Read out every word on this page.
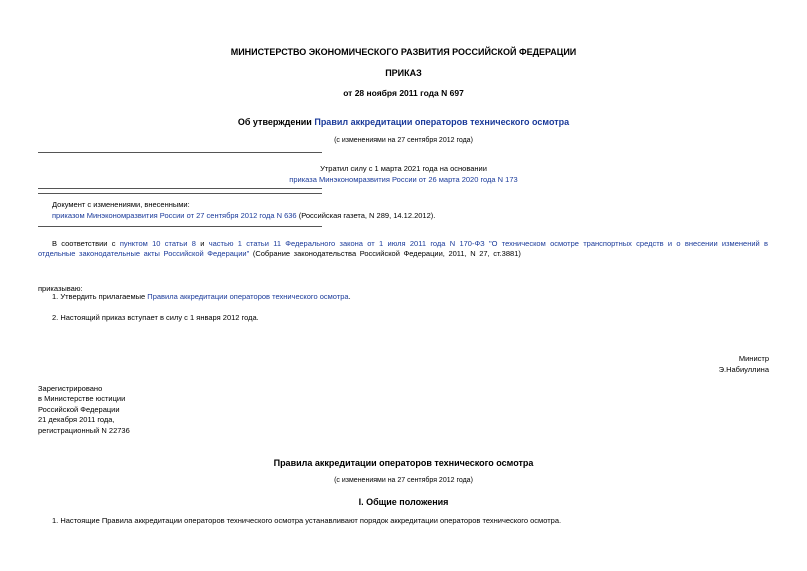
МИНИСТЕРСТВО ЭКОНОМИЧЕСКОГО РАЗВИТИЯ РОССИЙСКОЙ ФЕДЕРАЦИИ
ПРИКАЗ
от 28 ноября 2011 года N 697
Об утверждении Правил аккредитации операторов технического осмотра
(с изменениями на 27 сентября 2012 года)
Утратил силу с 1 марта 2021 года на основании
приказа Минэкономразвития России от 26 марта 2020 года N 173
Документ с изменениями, внесенными:
приказом Минэкономразвития России от 27 сентября 2012 года N 636 (Российская газета, N 289, 14.12.2012).
В соответствии с пунктом 10 статьи 8 и частью 1 статьи 11 Федерального закона от 1 июля 2011 года N 170-ФЗ "О техническом осмотре транспортных средств и о внесении изменений в отдельные законодательные акты Российской Федерации" (Собрание законодательства Российской Федерации, 2011, N 27, ст.3881)
приказываю:
1. Утвердить прилагаемые Правила аккредитации операторов технического осмотра.
2. Настоящий приказ вступает в силу с 1 января 2012 года.
Министр
Э.Набиуллина
Зарегистрировано
в Министерстве юстиции
Российской Федерации
21 декабря 2011 года,
регистрационный N 22736
Правила аккредитации операторов технического осмотра
(с изменениями на 27 сентября 2012 года)
I. Общие положения
1. Настоящие Правила аккредитации операторов технического осмотра устанавливают порядок аккредитации операторов технического осмотра.
